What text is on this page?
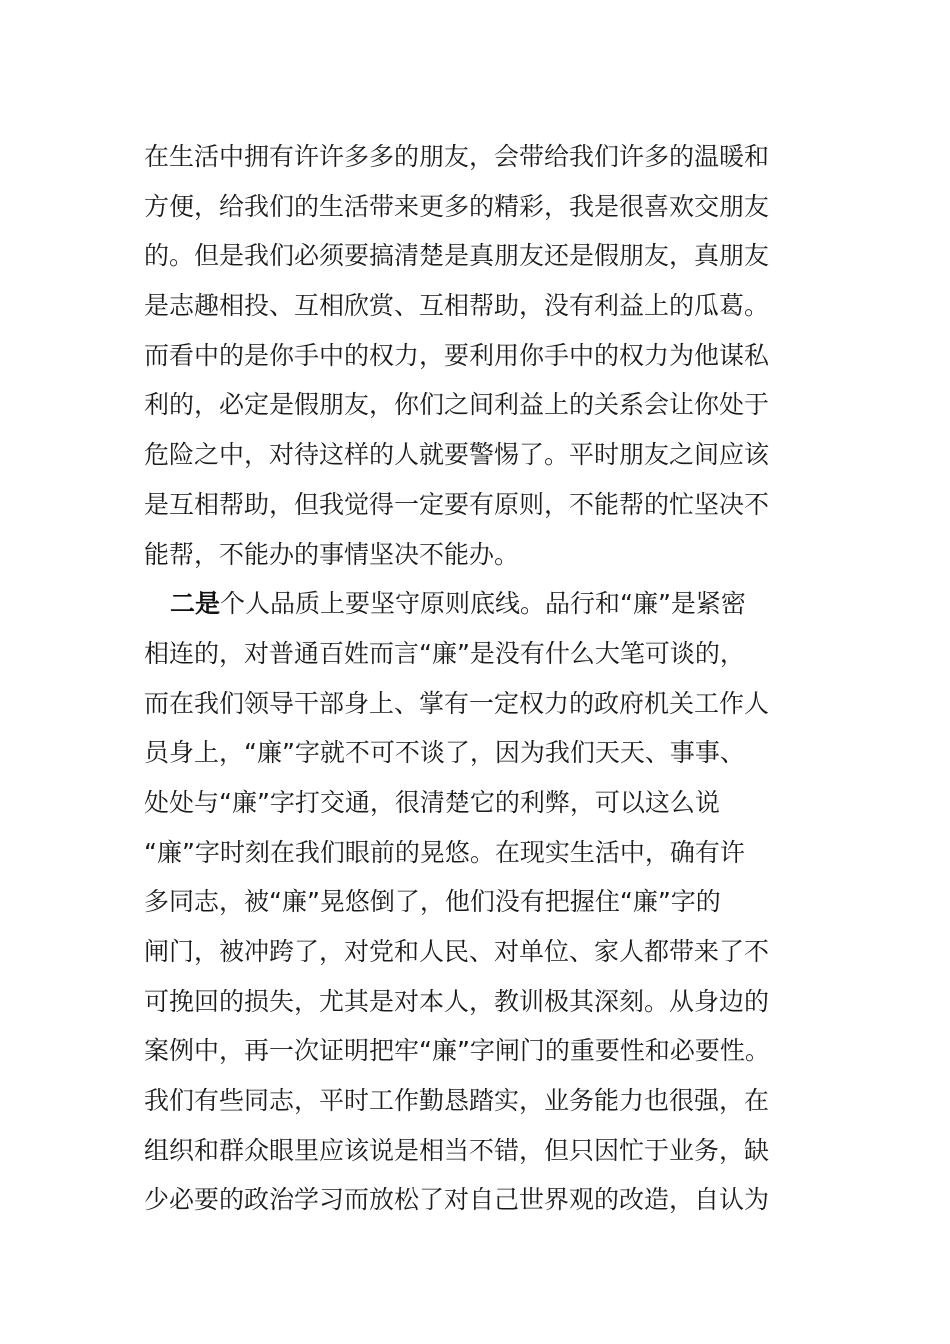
在生活中拥有许许多多的朋友，会带给我们许多的温暖和
方便，给我们的生活带来更多的精彩，我是很喜欢交朋友
的。但是我们必须要搞清楚是真朋友还是假朋友，真朋友
是志趣相投、互相欣赏、互相帮助，没有利益上的瓜葛。
而看中的是你手中的权力，要利用你手中的权力为他谋私
利的，必定是假朋友，你们之间利益上的关系会让你处于
危险之中，对待这样的人就要警惕了。平时朋友之间应该
是互相帮助，但我觉得一定要有原则，不能帮的忙坚决不
能帮，不能办的事情坚决不能办。
二是个人品质上要坚守原则底线。品行和“廉”是紧密
相连的，对普通百姓而言“廉”是没有什么大笔可谈的，
而在我们领导干部身上、掌有一定权力的政府机关工作人
员身上，“廉”字就不可不谈了，因为我们天天、事事、
处处与“廉”字打交通，很清楚它的利弊，可以这么说
“廉”字时刻在我们眼前的晃悠。在现实生活中，确有许
多同志，被“廉”晃悠倒了，他们没有把握住“廉”字的
闸门，被冲跨了，对党和人民、对单位、家人都带来了不
可挽回的损失，尤其是对本人，教训极其深刻。从身边的
案例中，再一次证明把牢“廉”字闸门的重要性和必要性。
我们有些同志，平时工作勤恳踏实，业务能力也很强，在
组织和群众眼里应该说是相当不错，但只因忙于业务，缺
少必要的政治学习而放松了对自己世界观的改造，自认为
